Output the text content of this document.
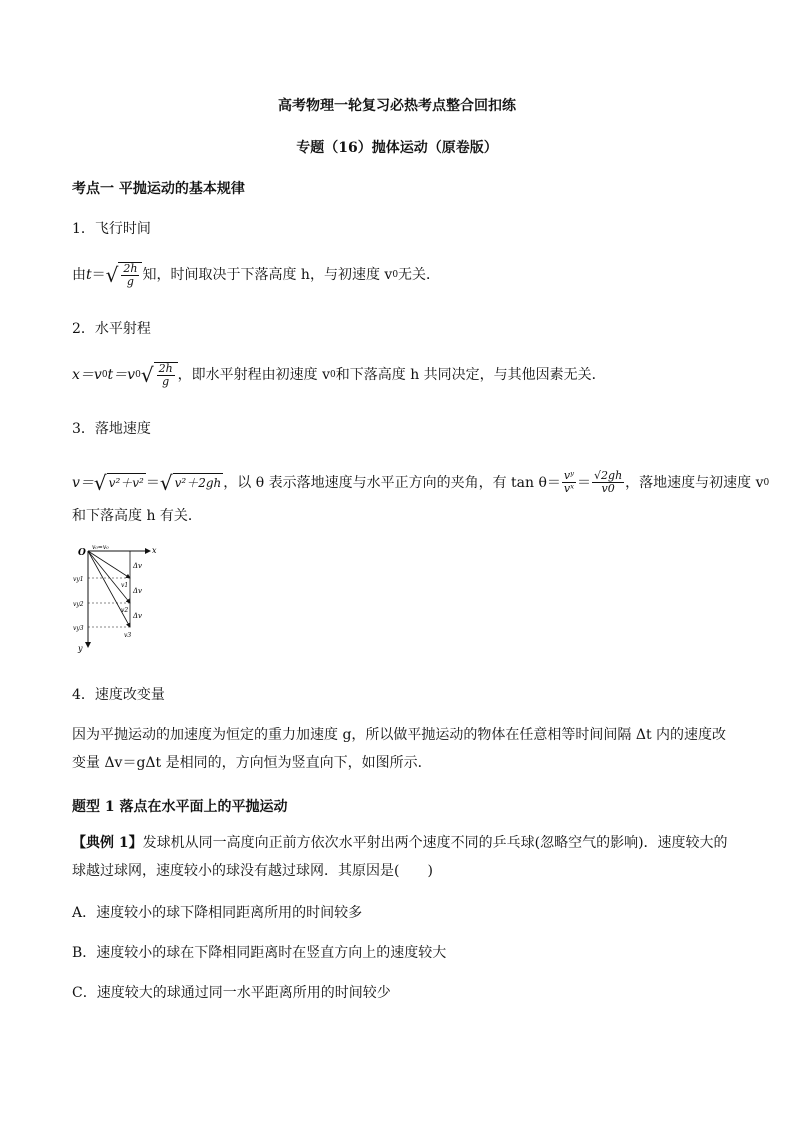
高考物理一轮复习必热考点整合回扣练
专题（16）抛体运动（原卷版）
考点一 平抛运动的基本规律
1．飞行时间
由 t ＝ √ $\frac{2h}{g}$ 知，时间取决于下落高度 h，与初速度 v 0 无关．
2．水平射程
x＝v 0 t＝v 0 √ $\frac{2h}{g}$ ，即水平射程由初速度 v 0 和下落高度 h 共同决定，与其他因素无关．
3．落地速度
v＝ √ v²＋v² ＝ √ v²＋2gh ，以 θ 表示落地速度与水平正方向的夹角，有 $\tan \theta= \frac{\text{vʸ}}{\text{vˣ}} = \frac{√2gh}{v0}$ ，落地速度与初速度 v 0
和下落高度 h 有关．
O	x
y
v₀=v₀
vy1
vy2
vy3
Δv
Δv
Δv
v1
v2
v3
4．速度改变量
因为平抛运动的加速度为恒定的重力加速度 g，所以做平抛运动的物体在任意相等时间间隔 Δt 内的速度改
变量 Δv＝gΔt 是相同的，方向恒为竖直向下，如图所示．
题型 1 落点在水平面上的平抛运动
【典例 1】发球机从同一高度向正前方依次水平射出两个速度不同的乒乓球(忽略空气的影响)．速度较大的
球越过球网，速度较小的球没有越过球网．其原因是(　　)
A．速度较小的球下降相同距离所用的时间较多
B．速度较小的球在下降相同距离时在竖直方向上的速度较大
C．速度较大的球通过同一水平距离所用的时间较少
